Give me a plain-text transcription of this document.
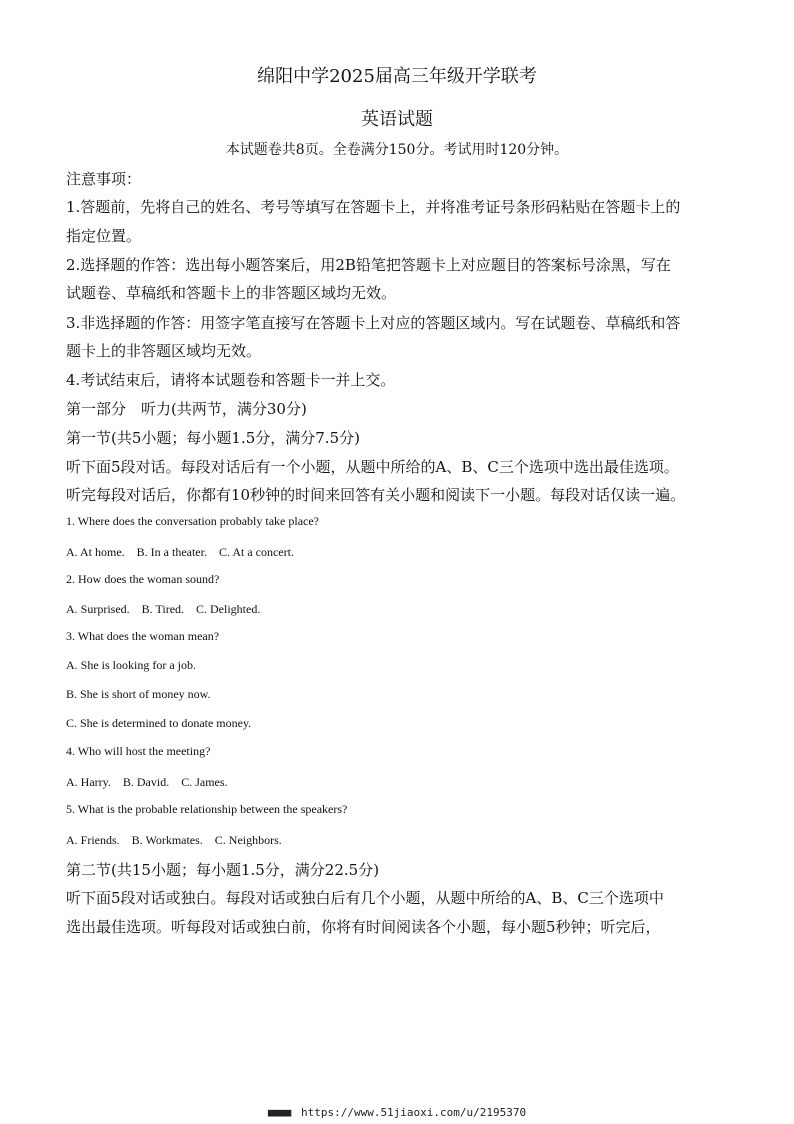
绵阳中学2025届高三年级开学联考
英语试题
本试题卷共8页。全卷满分150分。考试用时120分钟。
注意事项：
1.答题前，先将自己的姓名、考号等填写在答题卡上，并将准考证号条形码粘贴在答题卡上的
指定位置。
2.选择题的作答：选出每小题答案后，用2B铅笔把答题卡上对应题目的答案标号涂黑，写在
试题卷、草稿纸和答题卡上的非答题区域均无效。
3.非选择题的作答：用签字笔直接写在答题卡上对应的答题区域内。写在试题卷、草稿纸和答
题卡上的非答题区域均无效。
4.考试结束后，请将本试题卷和答题卡一并上交。
第一部分　听力(共两节，满分30分)
第一节(共5小题；每小题1.5分，满分7.5分)
听下面5段对话。每段对话后有一个小题，从题中所给的A、B、C三个选项中选出最佳选项。
听完每段对话后，你都有10秒钟的时间来回答有关小题和阅读下一小题。每段对话仅读一遍。
1. Where does the conversation probably take place?
A. At home.　B. In a theater.　C. At a concert.
2. How does the woman sound?
A. Surprised.　B. Tired.　C. Delighted.
3. What does the woman mean?
A. She is looking for a job.
B. She is short of money now.
C. She is determined to donate money.
4. Who will host the meeting?
A. Harry.　B. David.　C. James.
5. What is the probable relationship between the speakers?
A. Friends.　B. Workmates.　C. Neighbors.
第二节(共15小题；每小题1.5分，满分22.5分)
听下面5段对话或独白。每段对话或独白后有几个小题，从题中所给的A、B、C三个选项中
选出最佳选项。听每段对话或独白前，你将有时间阅读各个小题，每小题5秒钟；听完后，
■■■■ https://www.51jiaoxi.com/u/2195370
